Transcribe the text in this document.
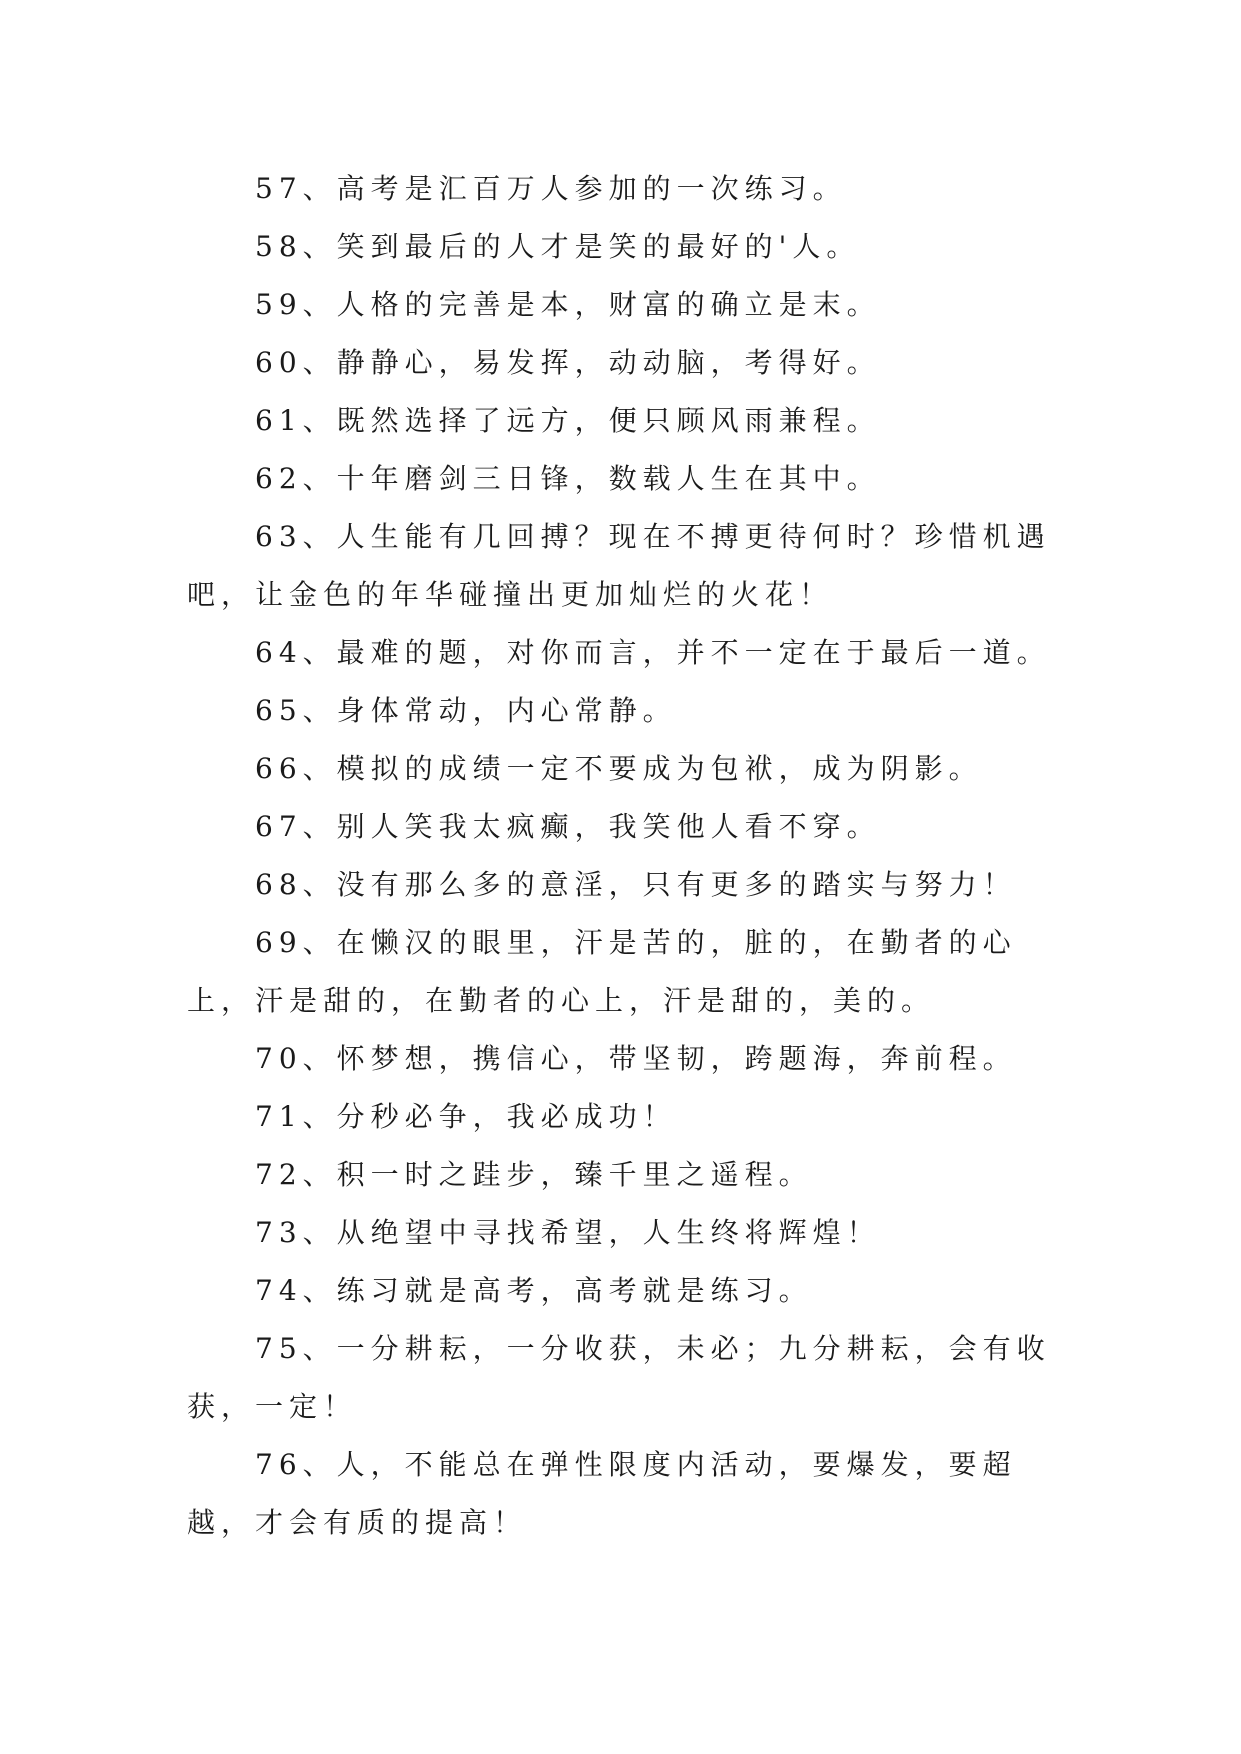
57、高考是汇百万人参加的一次练习。

58、笑到最后的人才是笑的最好的'人。

59、人格的完善是本，财富的确立是末。

60、静静心，易发挥，动动脑，考得好。

61、既然选择了远方，便只顾风雨兼程。

62、十年磨剑三日锋，数载人生在其中。

63、人生能有几回搏？现在不搏更待何时？珍惜机遇吧，让金色的年华碰撞出更加灿烂的火花！

64、最难的题，对你而言，并不一定在于最后一道。

65、身体常动，内心常静。

66、模拟的成绩一定不要成为包袱，成为阴影。

67、别人笑我太疯癫，我笑他人看不穿。

68、没有那么多的意淫，只有更多的踏实与努力！

69、在懒汉的眼里，汗是苦的，脏的，在勤者的心上，汗是甜的，在勤者的心上，汗是甜的，美的。

70、怀梦想，携信心，带坚韧，跨题海，奔前程。

71、分秒必争，我必成功！

72、积一时之跬步，臻千里之遥程。

73、从绝望中寻找希望，人生终将辉煌！

74、练习就是高考，高考就是练习。

75、一分耕耘，一分收获，未必；九分耕耘，会有收获，一定！

76、人，不能总在弹性限度内活动，要爆发，要超越，才会有质的提高！
